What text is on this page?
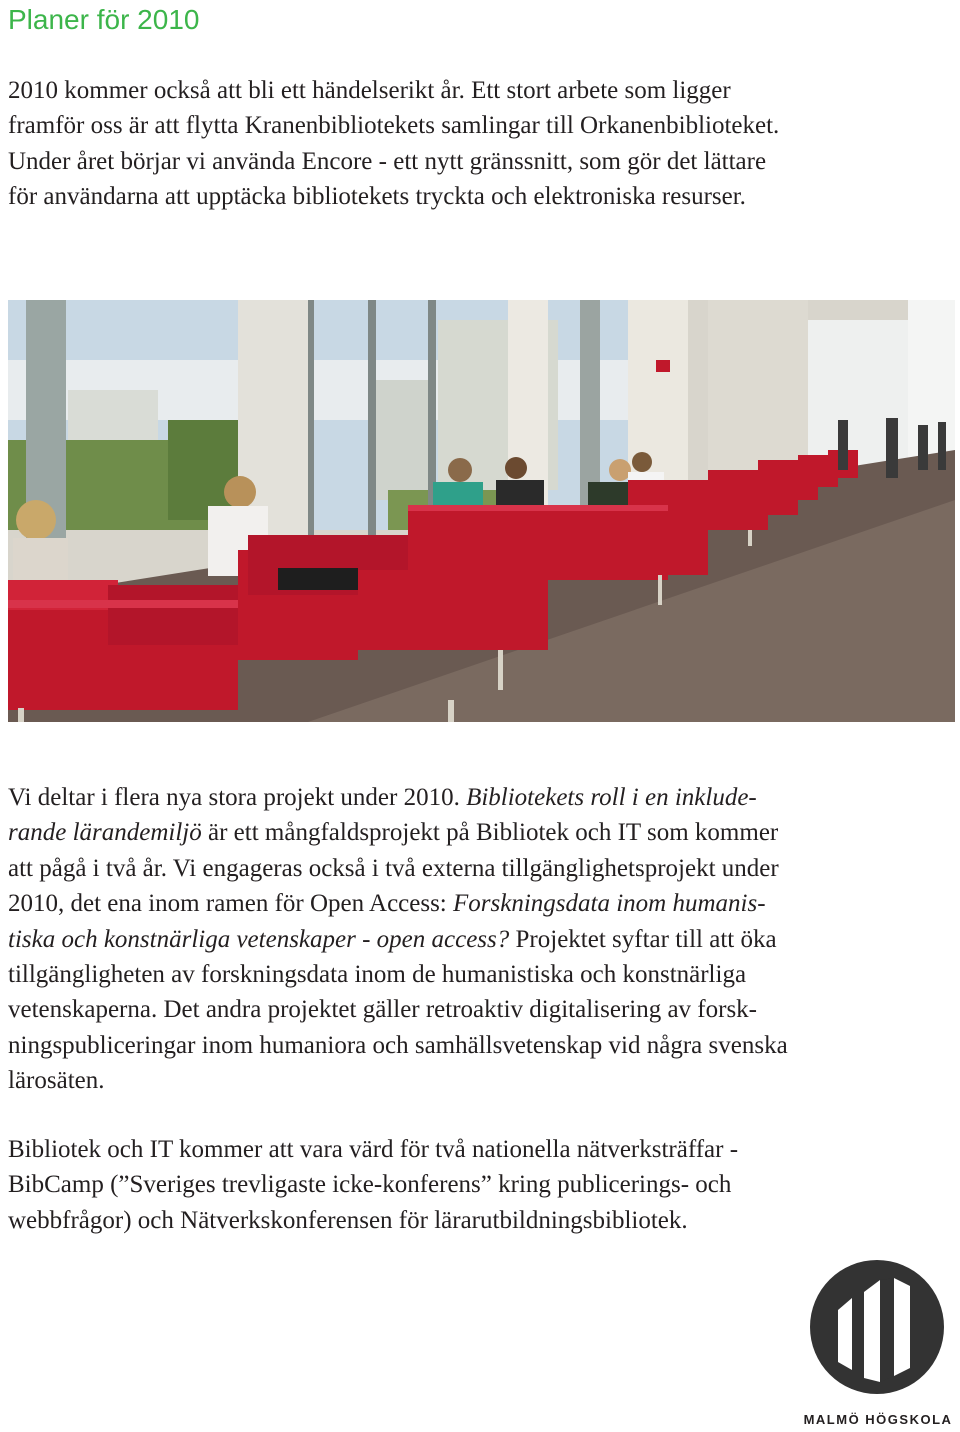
Planer för 2010

2010 kommer också att bli ett händelserikt år. Ett stort arbete som ligger
framför oss är att flytta Kranenbibliotekets samlingar till Orkanenbiblioteket.
Under året börjar vi använda Encore - ett nytt gränssnitt, som gör det lättare
för användarna att upptäcka bibliotekets tryckta och elektroniska resurser.

Vi deltar i flera nya stora projekt under 2010. Bibliotekets roll i en inklude-
rande lärandemiljö är ett mångfaldsprojekt på Bibliotek och IT som kommer
att pågå i två år. Vi engageras också i två externa tillgänglighetsprojekt under
2010, det ena inom ramen för Open Access: Forskningsdata inom humanis-
tiska och konstnärliga vetenskaper - open access? Projektet syftar till att öka
tillgängligheten av forskningsdata inom de humanistiska och konstnärliga
vetenskaperna. Det andra projektet gäller retroaktiv digitalisering av forsk-
ningspubliceringar inom humaniora och samhällsvetenskap vid några svenska
lärosäten.

Bibliotek och IT kommer att vara värd för två nationella nätverksträffar -
BibCamp (”Sveriges trevligaste icke-konferens” kring publicerings- och
webbfrågor) och Nätverkskonferensen för lärarutbildningsbibliotek.

MALMÖ HÖGSKOLA
